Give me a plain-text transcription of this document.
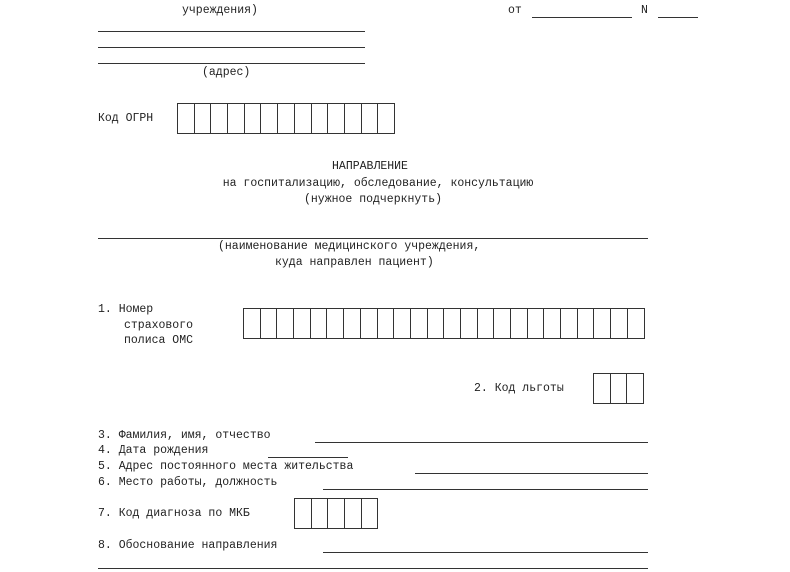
учреждения)	от	N
(адрес)
Код ОГРН
НАПРАВЛЕНИЕ
на госпитализацию, обследование, консультацию
(нужное подчеркнуть)
(наименование медицинского учреждения,
куда направлен пациент)
1. Номер
страхового
полиса ОМС
2. Код льготы
3. Фамилия, имя, отчество
4. Дата рождения
5. Адрес постоянного места жительства
6. Место работы, должность
7. Код диагноза по МКБ
8. Обоснование направления
